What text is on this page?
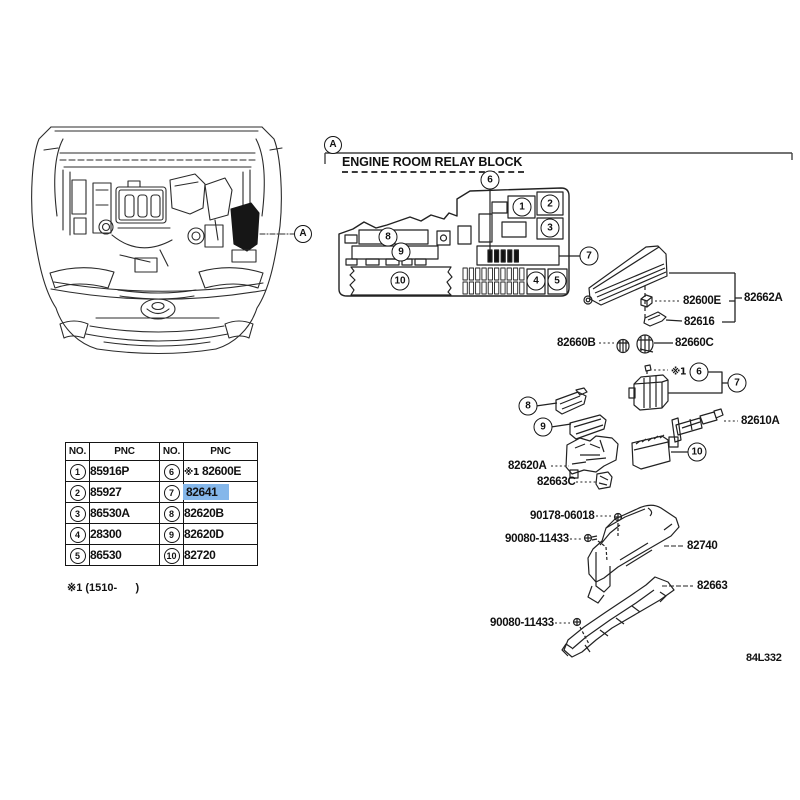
ENGINE ROOM RELAY BLOCK
82662A
82600E
82616
82660B	82660C
※1
82610A
82620A
82663C
90178-06018
90080-11433
82740
82663
90080-11433
※1 (1510-      )
84L332
A
A
1	2
3
4	5
6
7
8
9
10
6
7
8
9
10
NO.	PNC	NO.	PNC
1	85916P	6	※1 82600E
2	85927	7	82641
3	86530A	8	82620B
4	28300	9	82620D
5	86530	10	82720
